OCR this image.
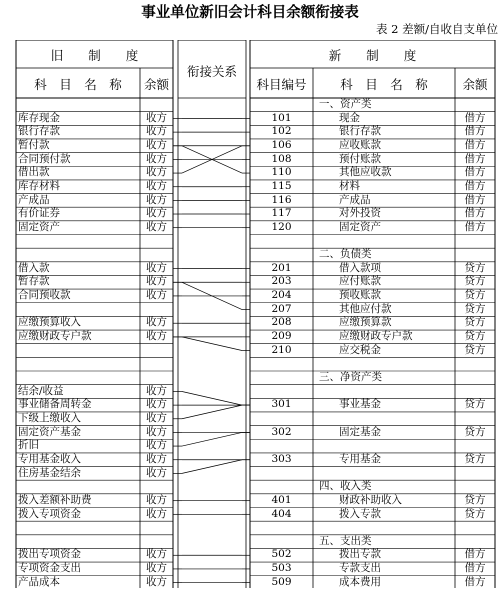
事业单位新旧会计科目余额衔接表
表 2 差额/自收自支单位
旧　　制　　度
科　目　名　称	余额
衔接关系
新　　制　　度
科目编号	科　目　名　称	余额
一、资产类
库存现金	收方	101	现金	借方
银行存款	收方	102	银行存款	借方
暂付款	收方	106	应收账款	借方
合同预付款	收方	108	预付账款	借方
借出款	收方	110	其他应收款	借方
库存材料	收方	115	材料	借方
产成品	收方	116	产成品	借方
有价证券	收方	117	对外投资	借方
固定资产	收方	120	固定资产	借方
二、负债类
借入款	收方	201	借入款项	贷方
暂存款	收方	203	应付账款	贷方
合同预收款	收方	204	预收账款	贷方
207	其他应付款	贷方
应缴预算收入	收方	208	应缴预算款	贷方
应缴财政专户款	收方	209	应缴财政专户款	贷方
210	应交税金	贷方
三、净资产类
结余/收益	收方
事业储备周转金	收方	301	事业基金	贷方
下级上缴收入	收方
固定资产基金	收方	302	固定基金	贷方
折旧	收方
专用基金收入	收方	303	专用基金	贷方
住房基金结余	收方
四、收入类
拨入差额补助费	收方	401	财政补助收入	贷方
拨入专项资金	收方	404	拨入专款	贷方
五、支出类
拨出专项资金	收方	502	拨出专款	借方
专项资金支出	收方	503	专款支出	借方
产品成本	收方	509	成本费用	借方
